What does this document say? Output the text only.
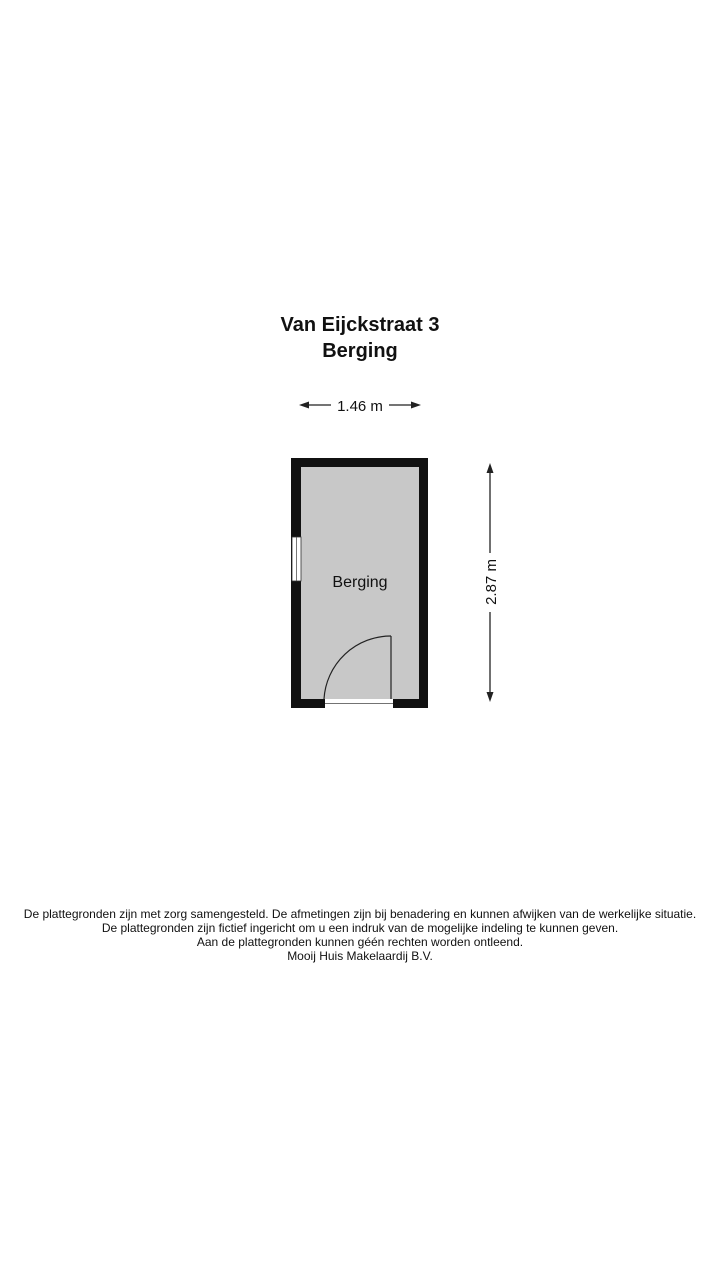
Van Eijckstraat 3
Berging
1.46 m
Berging	2.87 m
De plattegronden zijn met zorg samengesteld. De afmetingen zijn bij benadering en kunnen afwijken van de werkelijke situatie.
De plattegronden zijn fictief ingericht om u een indruk van de mogelijke indeling te kunnen geven.
Aan de plattegronden kunnen géén rechten worden ontleend.
Mooij Huis Makelaardij B.V.
